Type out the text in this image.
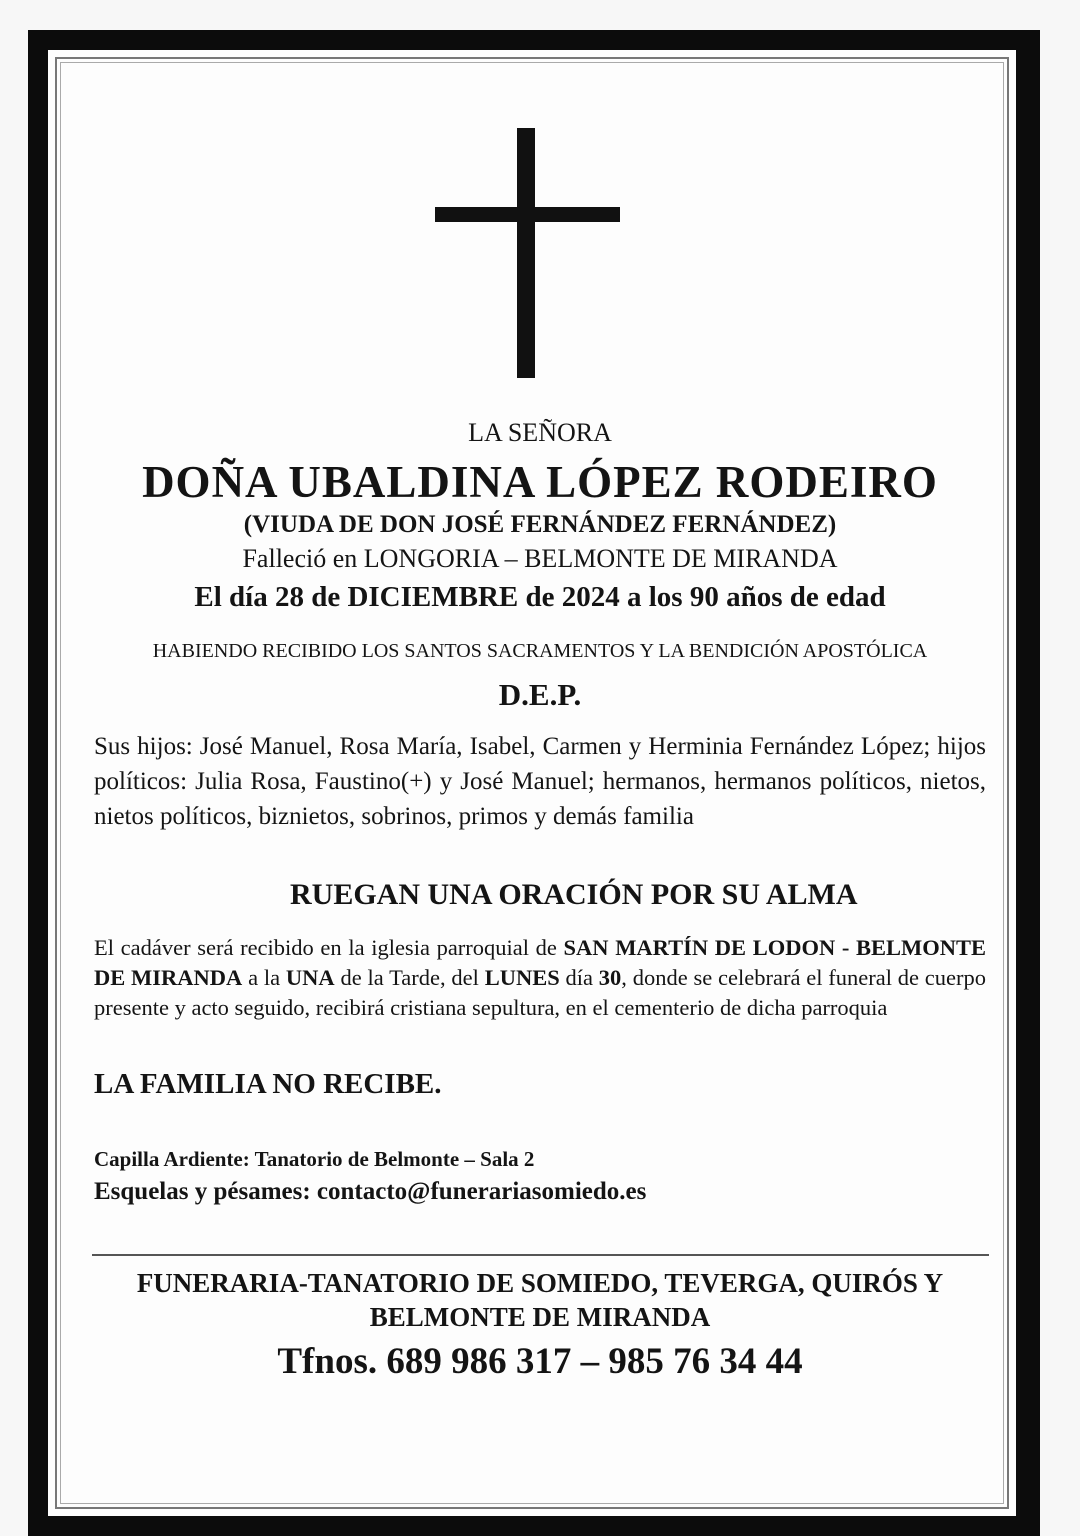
LA SEÑORA
DOÑA UBALDINA LÓPEZ RODEIRO
(VIUDA DE DON JOSÉ FERNÁNDEZ FERNÁNDEZ)
Falleció en LONGORIA – BELMONTE DE MIRANDA
El día 28 de DICIEMBRE de 2024 a los 90 años de edad
HABIENDO RECIBIDO LOS SANTOS SACRAMENTOS Y LA BENDICIÓN APOSTÓLICA
D.E.P.
Sus hijos: José Manuel, Rosa María, Isabel, Carmen y Herminia Fernández López; hijos políticos: Julia Rosa, Faustino(+) y José Manuel; hermanos, hermanos políticos, nietos, nietos políticos, biznietos, sobrinos, primos y demás familia
RUEGAN UNA ORACIÓN POR SU ALMA
El cadáver será recibido en la iglesia parroquial de SAN MARTÍN DE LODON - BELMONTE DE MIRANDA a la UNA de la Tarde, del LUNES día 30, donde se celebrará el funeral de cuerpo presente y acto seguido, recibirá cristiana sepultura, en el cementerio de dicha parroquia
LA FAMILIA NO RECIBE.
Capilla Ardiente: Tanatorio de Belmonte – Sala 2
Esquelas y pésames: contacto@funerariasomiedo.es
FUNERARIA-TANATORIO DE SOMIEDO, TEVERGA, QUIRÓS Y
BELMONTE DE MIRANDA
Tfnos. 689 986 317 – 985 76 34 44
